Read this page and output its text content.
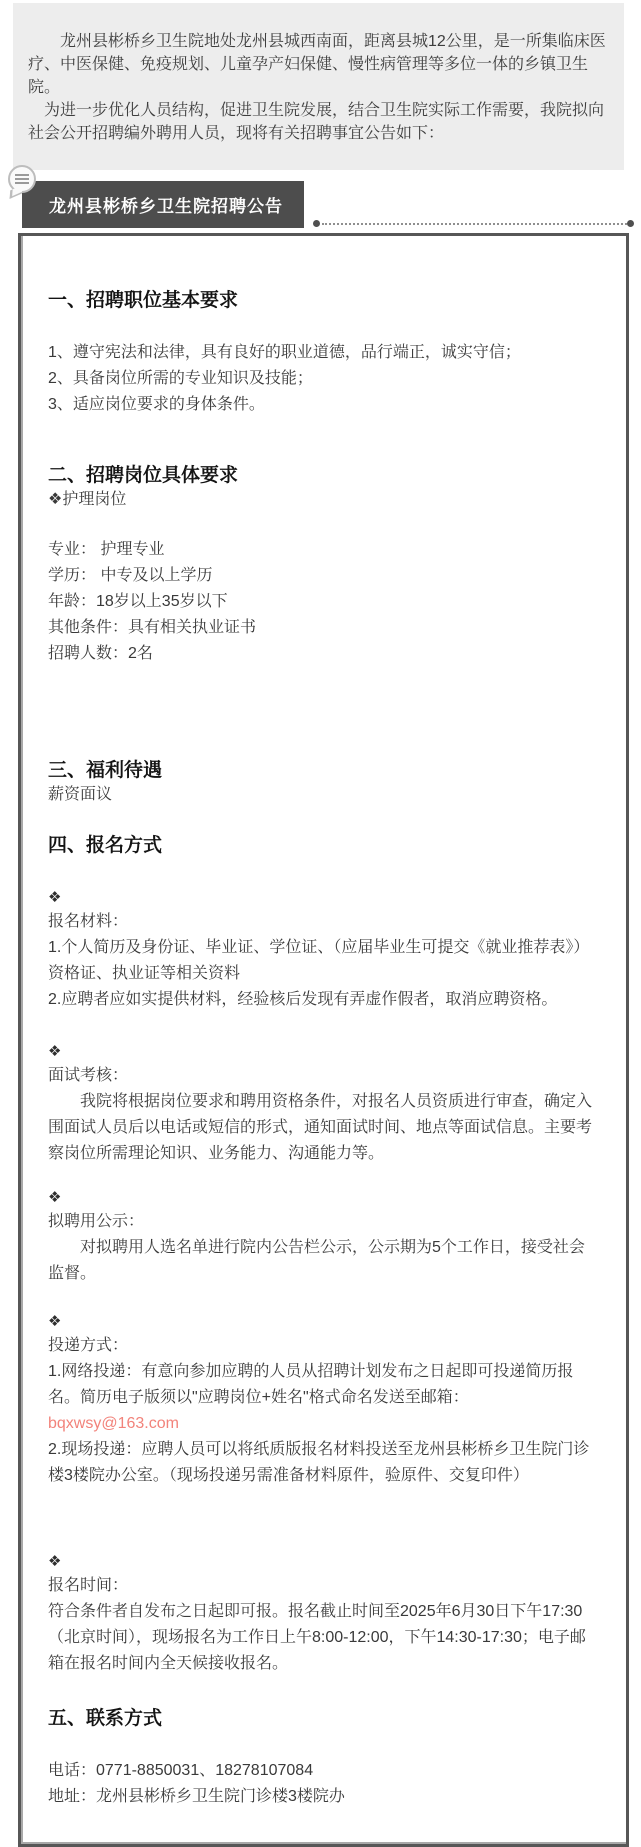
龙州县彬桥乡卫生院地处龙州县城西南面，距离县城12公里，是一所集临床医疗、中医保健、免疫规划、儿童孕产妇保健、慢性病管理等多位一体的乡镇卫生院。

为进一步优化人员结构，促进卫生院发展，结合卫生院实际工作需要，我院拟向社会公开招聘编外聘用人员，现将有关招聘事宜公告如下：

龙州县彬桥乡卫生院招聘公告
一、招聘职位基本要求
1、遵守宪法和法律，具有良好的职业道德，品行端正，诚实守信；
2、具备岗位所需的专业知识及技能；
3、适应岗位要求的身体条件。
二、招聘岗位具体要求

❖护理岗位

专业： 护理专业
学历： 中专及以上学历
年龄：18岁以上35岁以下
其他条件：具有相关执业证书
招聘人数：2名
三、福利待遇

薪资面议

四、报名方式
❖
报名材料：

1.个人简历及身份证、毕业证、学位证、（应届毕业生可提交《就业推荐表》）资格证、执业证等相关资料

2.应聘者应如实提供材料，经验核后发现有弄虚作假者，取消应聘资格。

❖
面试考核：

我院将根据岗位要求和聘用资格条件，对报名人员资质进行审查，确定入围面试人员后以电话或短信的形式，通知面试时间、地点等面试信息。主要考察岗位所需理论知识、业务能力、沟通能力等。

❖
拟聘用公示：

对拟聘用人选名单进行院内公告栏公示，公示期为5个工作日，接受社会监督。

❖
投递方式：

1.网络投递：有意向参加应聘的人员从招聘计划发布之日起即可投递简历报名。简历电子版须以"应聘岗位+姓名"格式命名发送至邮箱：

bqxwsy@163.com

2.现场投递：应聘人员可以将纸质版报名材料投送至龙州县彬桥乡卫生院门诊楼3楼院办公室。（现场投递另需准备材料原件，验原件、交复印件）

❖
报名时间：

符合条件者自发布之日起即可报。报名截止时间至2025年6月30日下午17:30（北京时间），现场报名为工作日上午8:00-12:00，下午14:30-17:30；电子邮箱在报名时间内全天候接收报名。

五、联系方式
电话：0771-8850031、18278107084
地址：龙州县彬桥乡卫生院门诊楼3楼院办
